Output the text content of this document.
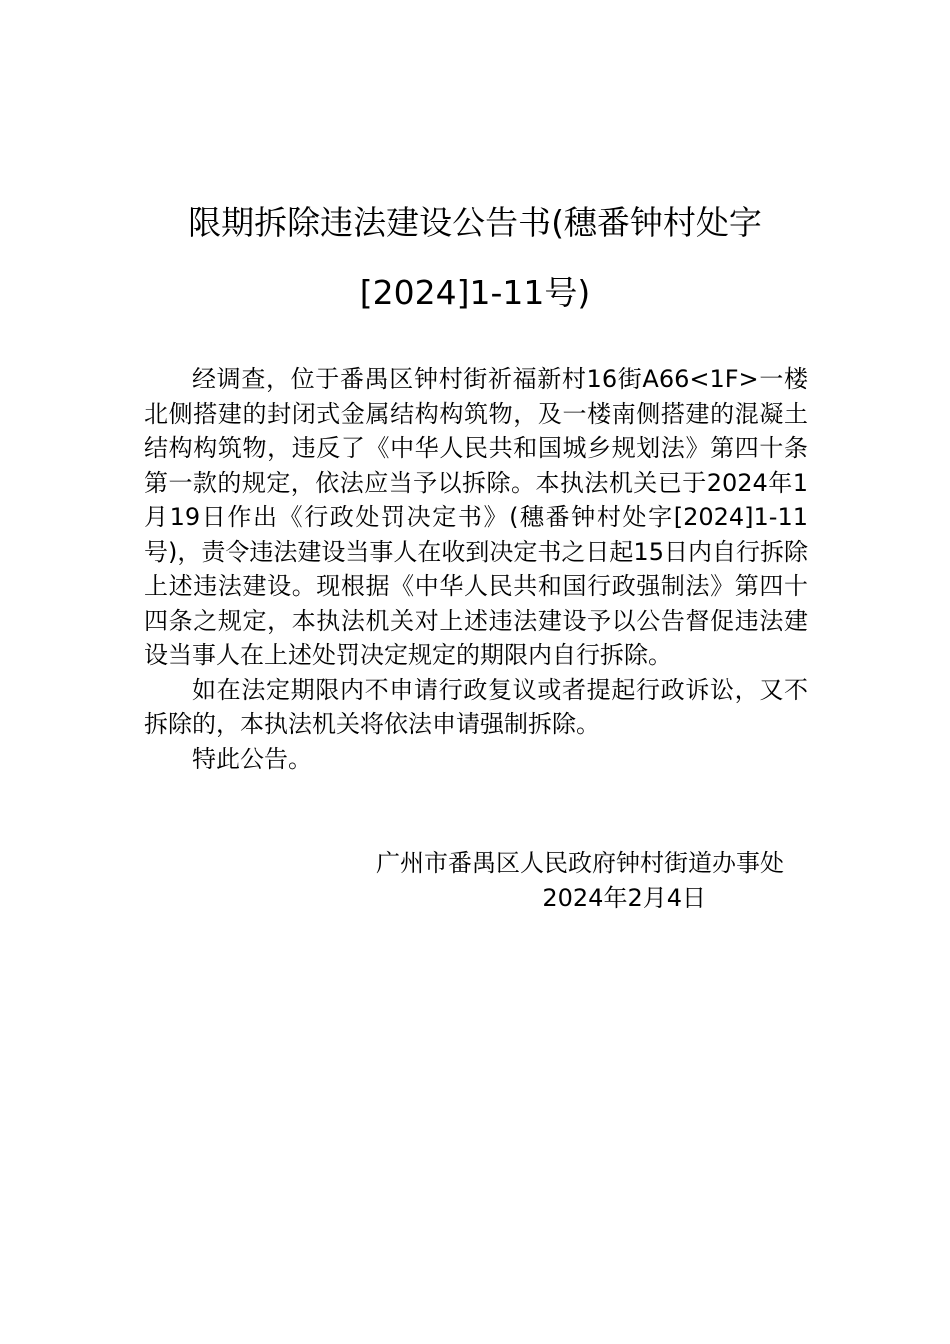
限期拆除违法建设公告书(穗番钟村处字
[2024]1-11号)

经调查，位于番禺区钟村街祈福新村16街A66<1F>一楼北侧搭建的封闭式金属结构构筑物，及一楼南侧搭建的混凝土结构构筑物，违反了《中华人民共和国城乡规划法》第四十条第一款的规定，依法应当予以拆除。本执法机关已于2024年1月19日作出《行政处罚决定书》(穗番钟村处字[2024]1-11号)，责令违法建设当事人在收到决定书之日起15日内自行拆除上述违法建设。现根据《中华人民共和国行政强制法》第四十四条之规定，本执法机关对上述违法建设予以公告督促违法建设当事人在上述处罚决定规定的期限内自行拆除。

如在法定期限内不申请行政复议或者提起行政诉讼，又不拆除的，本执法机关将依法申请强制拆除。

特此公告。

广州市番禺区人民政府钟村街道办事处
2024年2月4日
